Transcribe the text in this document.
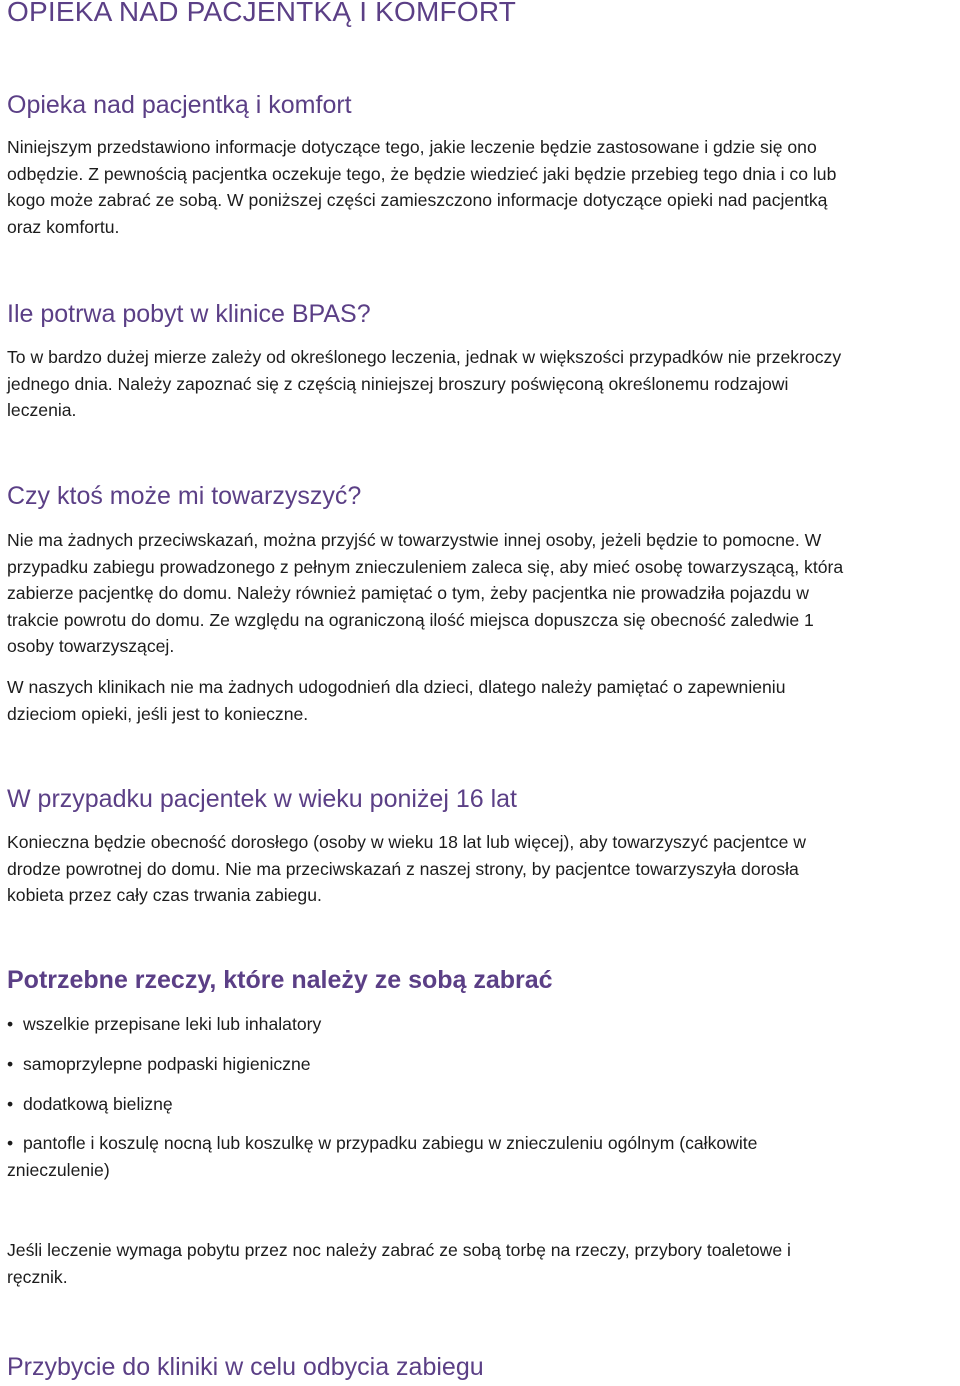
OPIEKA NAD PACJENTKĄ I KOMFORT
Opieka nad pacjentką i komfort

Niniejszym przedstawiono informacje dotyczące tego, jakie leczenie będzie zastosowane i gdzie się ono
odbędzie. Z pewnością pacjentka oczekuje tego, że będzie wiedzieć jaki będzie przebieg tego dnia i co lub
kogo może zabrać ze sobą. W poniższej części zamieszczono informacje dotyczące opieki nad pacjentką
oraz komfortu.

Ile potrwa pobyt w klinice BPAS?

To w bardzo dużej mierze zależy od określonego leczenia, jednak w większości przypadków nie przekroczy
jednego dnia. Należy zapoznać się z częścią niniejszej broszury poświęconą określonemu rodzajowi
leczenia.

Czy ktoś może mi towarzyszyć?

Nie ma żadnych przeciwskazań, można przyjść w towarzystwie innej osoby, jeżeli będzie to pomocne. W
przypadku zabiegu prowadzonego z pełnym znieczuleniem zaleca się, aby mieć osobę towarzyszącą, która
zabierze pacjentkę do domu. Należy również pamiętać o tym, żeby pacjentka nie prowadziła pojazdu w
trakcie powrotu do domu. Ze względu na ograniczoną ilość miejsca dopuszcza się obecność zaledwie 1
osoby towarzyszącej.

W naszych klinikach nie ma żadnych udogodnień dla dzieci, dlatego należy pamiętać o zapewnieniu
dzieciom opieki, jeśli jest to konieczne.

W przypadku pacjentek w wieku poniżej 16 lat

Konieczna będzie obecność dorosłego (osoby w wieku 18 lat lub więcej), aby towarzyszyć pacjentce w
drodze powrotnej do domu. Nie ma przeciwskazań z naszej strony, by pacjentce towarzyszyła dorosła
kobieta przez cały czas trwania zabiegu.

Potrzebne rzeczy, które należy ze sobą zabrać
• wszelkie przepisane leki lub inhalatory
• samoprzylepne podpaski higieniczne
• dodatkową bieliznę
• pantofle i koszulę nocną lub koszulkę w przypadku zabiegu w znieczuleniu ogólnym (całkowite
znieczulenie)

Jeśli leczenie wymaga pobytu przez noc należy zabrać ze sobą torbę na rzeczy, przybory toaletowe i
ręcznik.

Przybycie do kliniki w celu odbycia zabiegu
